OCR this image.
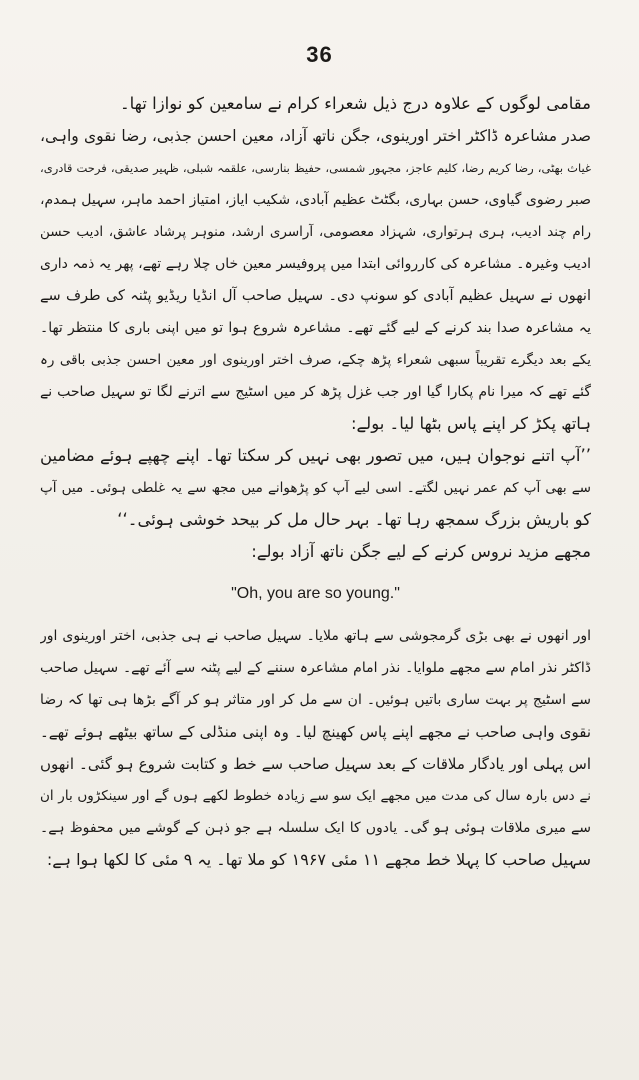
36
مقامی لوگوں کے علاوہ درج ذیل شعراء کرام نے سامعین کو نوازا تھا۔
صدر مشاعرہ ڈاکٹر اختر اورینوی، جگن ناتھ آزاد، معین احسن جذبی، رضا نقوی واہی،
غیاث بھٹی، رضا کریم رضا، کلیم عاجز، مجہور شمسی، حفیظ بنارسی، علقمہ شبلی، ظہیر صدیقی، فرحت قادری،
صبر رضوی گیاوی، حسن بہاری، بگٹٹ عظیم آبادی، شکیب ایاز، امتیاز احمد ماہر، سہیل ہمدم،
رام چند ادیب، ہری ہرتواری، شہزاد معصومی، آراسری ارشد، منوہر پرشاد عاشق، ادیب حسن
ادیب وغیرہ۔ مشاعرہ کی کارروائی ابتدا میں پروفیسر معین خاں چلا رہے تھے، پھر یہ ذمہ داری
انھوں نے سہیل عظیم آبادی کو سونپ دی۔ سہیل صاحب آل انڈیا ریڈیو پٹنہ کی طرف سے
یہ مشاعرہ صدا بند کرنے کے لیے گئے تھے۔ مشاعرہ شروع ہوا تو میں اپنی باری کا منتظر تھا۔
یکے بعد دیگرے تقریباً سبھی شعراء پڑھ چکے، صرف اختر اورینوی اور معین احسن جذبی باقی رہ
گئے تھے کہ میرا نام پکارا گیا اور جب غزل پڑھ کر میں اسٹیج سے اترنے لگا تو سہیل صاحب نے
ہاتھ پکڑ کر اپنے پاس بٹھا لیا۔ بولے:
’’آپ اتنے نوجوان ہیں، میں تصور بھی نہیں کر سکتا تھا۔ اپنے چھپے ہوئے مضامین
سے بھی آپ کم عمر نہیں لگتے۔ اسی لیے آپ کو پڑھوانے میں مجھ سے یہ غلطی ہوئی۔ میں آپ
کو باریش بزرگ سمجھ رہا تھا۔ بہر حال مل کر بیحد خوشی ہوئی۔‘‘
مجھے مزید نروس کرنے کے لیے جگن ناتھ آزاد بولے:
"Oh, you are so young."
اور انھوں نے بھی بڑی گرمجوشی سے ہاتھ ملایا۔ سہیل صاحب نے ہی جذبی، اختر اورینوی اور
ڈاکٹر نذر امام سے مجھے ملوایا۔ نذر امام مشاعرہ سننے کے لیے پٹنہ سے آئے تھے۔ سہیل صاحب
سے اسٹیج پر بہت ساری باتیں ہوئیں۔ ان سے مل کر اور متاثر ہو کر آگے بڑھا ہی تھا کہ رضا
نقوی واہی صاحب نے مجھے اپنے پاس کھینچ لیا۔ وہ اپنی منڈلی کے ساتھ بیٹھے ہوئے تھے۔
اس پہلی اور یادگار ملاقات کے بعد سہیل صاحب سے خط و کتابت شروع ہو گئی۔ انھوں
نے دس بارہ سال کی مدت میں مجھے ایک سو سے زیادہ خطوط لکھے ہوں گے اور سینکڑوں بار ان
سے میری ملاقات ہوئی ہو گی۔ یادوں کا ایک سلسلہ ہے جو ذہن کے گوشے میں محفوظ ہے۔
سہیل صاحب کا پہلا خط مجھے ۱۱ مئی ۱۹۶۷ کو ملا تھا۔ یہ ۹ مئی کا لکھا ہوا ہے:
